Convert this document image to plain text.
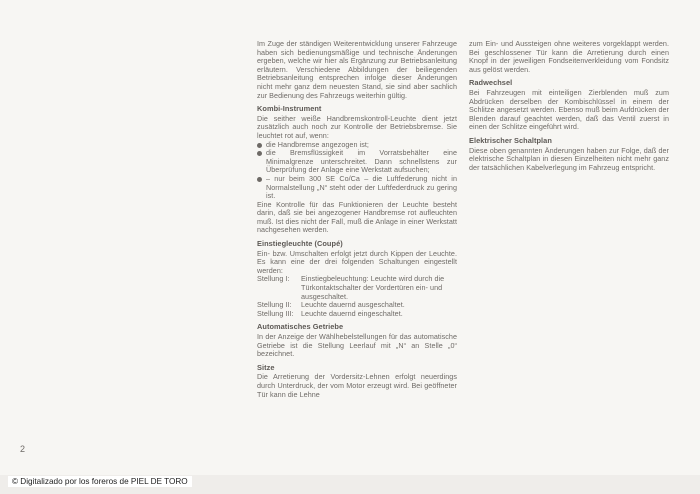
Im Zuge der ständigen Weiterentwicklung unserer Fahrzeuge haben sich bedienungsmäßige und technische Änderungen ergeben, welche wir hier als Ergänzung zur Betriebsanleitung erläutern. Verschiedene Abbildungen der beiliegenden Betriebsanleitung entsprechen infolge dieser Änderungen nicht mehr ganz dem neuesten Stand, sie sind aber sachlich zur Bedienung des Fahrzeugs weiterhin gültig.

Kombi-Instrument

Die seither weiße Handbremskontroll-Leuchte dient jetzt zusätzlich auch noch zur Kontrolle der Betriebsbremse. Sie leuchtet rot auf, wenn:

die Handbremse angezogen ist;
die Bremsflüssigkeit im Vorratsbehälter eine Minimalgrenze unterschreitet. Dann schnellstens zur Überprüfung der Anlage eine Werkstatt aufsuchen;
– nur beim 300 SE Co/Ca – die Luftfederung nicht in Normalstellung „N“ steht oder der Luftfederdruck zu gering ist.

Eine Kontrolle für das Funktionieren der Leuchte besteht darin, daß sie bei angezogener Handbremse rot aufleuchten muß. Ist dies nicht der Fall, muß die Anlage in einer Werkstatt nachgesehen werden.

Einstiegleuchte (Coupé)

Ein- bzw. Umschalten erfolgt jetzt durch Kippen der Leuchte. Es kann eine der drei folgenden Schaltungen eingestellt werden:

Stellung I:	Einstiegbeleuchtung: Leuchte wird durch die Türkontaktschalter der Vordertüren ein- und ausgeschaltet.
Stellung II:	Leuchte dauernd ausgeschaltet.
Stellung III:	Leuchte dauernd eingeschaltet.
Automatisches Getriebe

In der Anzeige der Wählhebelstellungen für das automatische Getriebe ist die Stellung Leerlauf mit „N“ an Stelle „0“ bezeichnet.

Sitze

Die Arretierung der Vordersitz-Lehnen erfolgt neuerdings durch Unterdruck, der vom Motor erzeugt wird. Bei geöffneter Tür kann die Lehne

zum Ein- und Aussteigen ohne weiteres vorgeklappt werden. Bei geschlossener Tür kann die Arretierung durch einen Knopf in der jeweiligen Fondseitenverkleidung vom Fondsitz aus gelöst werden.

Radwechsel

Bei Fahrzeugen mit einteiligen Zierblenden muß zum Abdrücken derselben der Kombischlüssel in einem der Schlitze angesetzt werden. Ebenso muß beim Aufdrücken der Blenden darauf geachtet werden, daß das Ventil zuerst in einen der Schlitze eingeführt wird.

Elektrischer Schaltplan

Diese oben genannten Änderungen haben zur Folge, daß der elektrische Schaltplan in diesen Einzelheiten nicht mehr ganz der tatsächlichen Kabelverlegung im Fahrzeug entspricht.

2
© Digitalizado por los foreros de PIEL DE TORO
